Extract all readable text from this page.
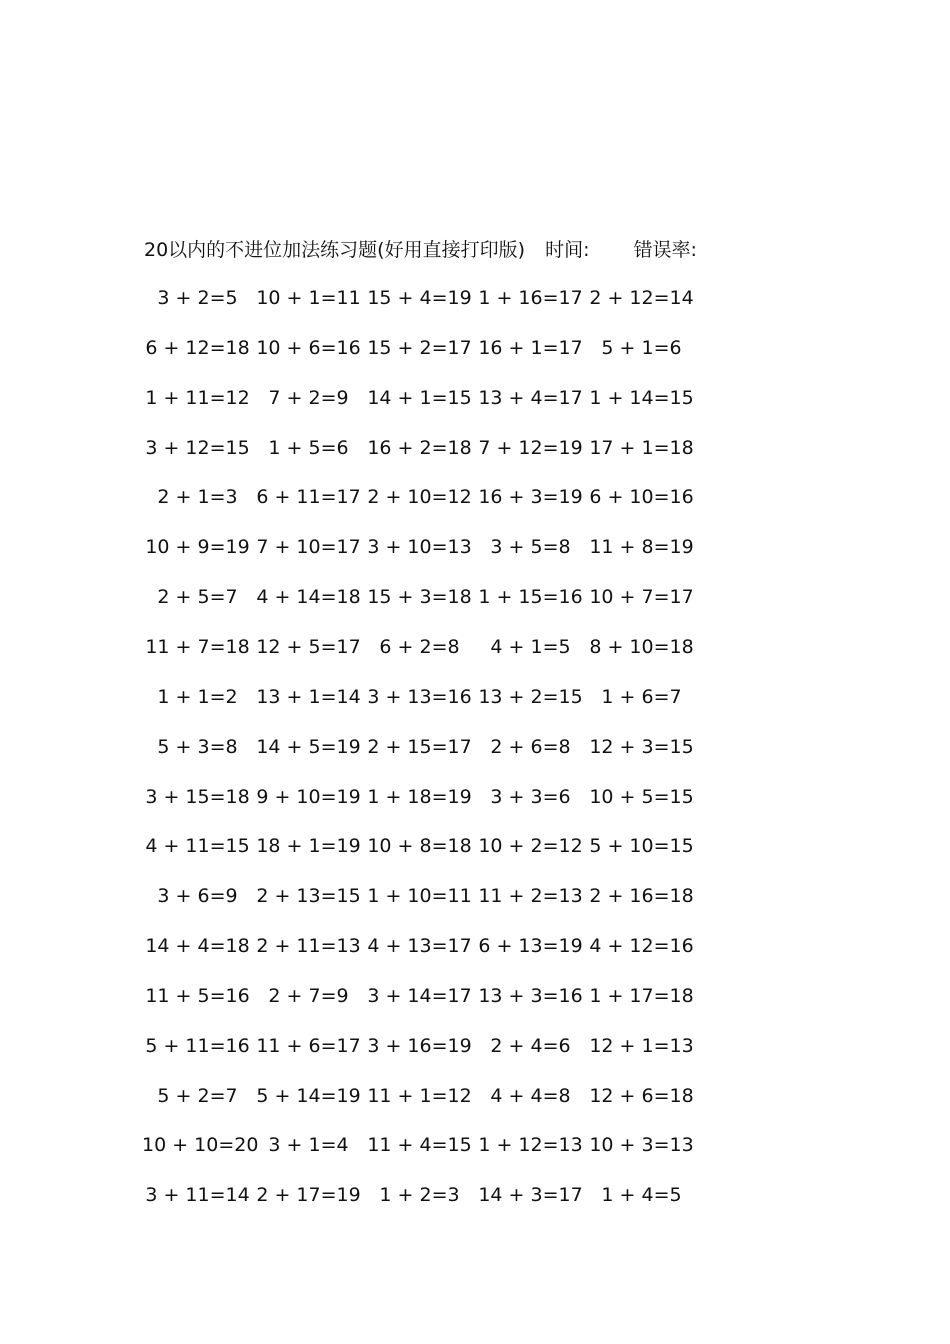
20以内的不进位加法练习题(好用直接打印版) 时间: 错误率:
3 + 2=5 10 + 1=11 15 + 4=19 1 + 16=17 2 + 12=14
6 + 12=18 10 + 6=16 15 + 2=17 16 + 1=17 5 + 1=6
1 + 11=12 7 + 2=9 14 + 1=15 13 + 4=17 1 + 14=15
3 + 12=15 1 + 5=6 16 + 2=18 7 + 12=19 17 + 1=18
2 + 1=3 6 + 11=17 2 + 10=12 16 + 3=19 6 + 10=16
10 + 9=19 7 + 10=17 3 + 10=13 3 + 5=8 11 + 8=19
2 + 5=7 4 + 14=18 15 + 3=18 1 + 15=16 10 + 7=17
11 + 7=18 12 + 5=17 6 + 2=8	4 + 1=5 8 + 10=18
1 + 1=2 13 + 1=14 3 + 13=16 13 + 2=15 1 + 6=7
5 + 3=8 14 + 5=19 2 + 15=17 2 + 6=8 12 + 3=15
3 + 15=18 9 + 10=19 1 + 18=19 3 + 3=6 10 + 5=15
4 + 11=15 18 + 1=19 10 + 8=18 10 + 2=12 5 + 10=15
3 + 6=9 2 + 13=15 1 + 10=11 11 + 2=13 2 + 16=18
14 + 4=18 2 + 11=13 4 + 13=17 6 + 13=19 4 + 12=16
11 + 5=16 2 + 7=9 3 + 14=17 13 + 3=16 1 + 17=18
5 + 11=16 11 + 6=17 3 + 16=19 2 + 4=6 12 + 1=13
5 + 2=7 5 + 14=19 11 + 1=12 4 + 4=8 12 + 6=18
10 + 10=20 3 + 1=4 11 + 4=15 1 + 12=13 10 + 3=13
3 + 11=14 2 + 17=19 1 + 2=3 14 + 3=17 1 + 4=5
